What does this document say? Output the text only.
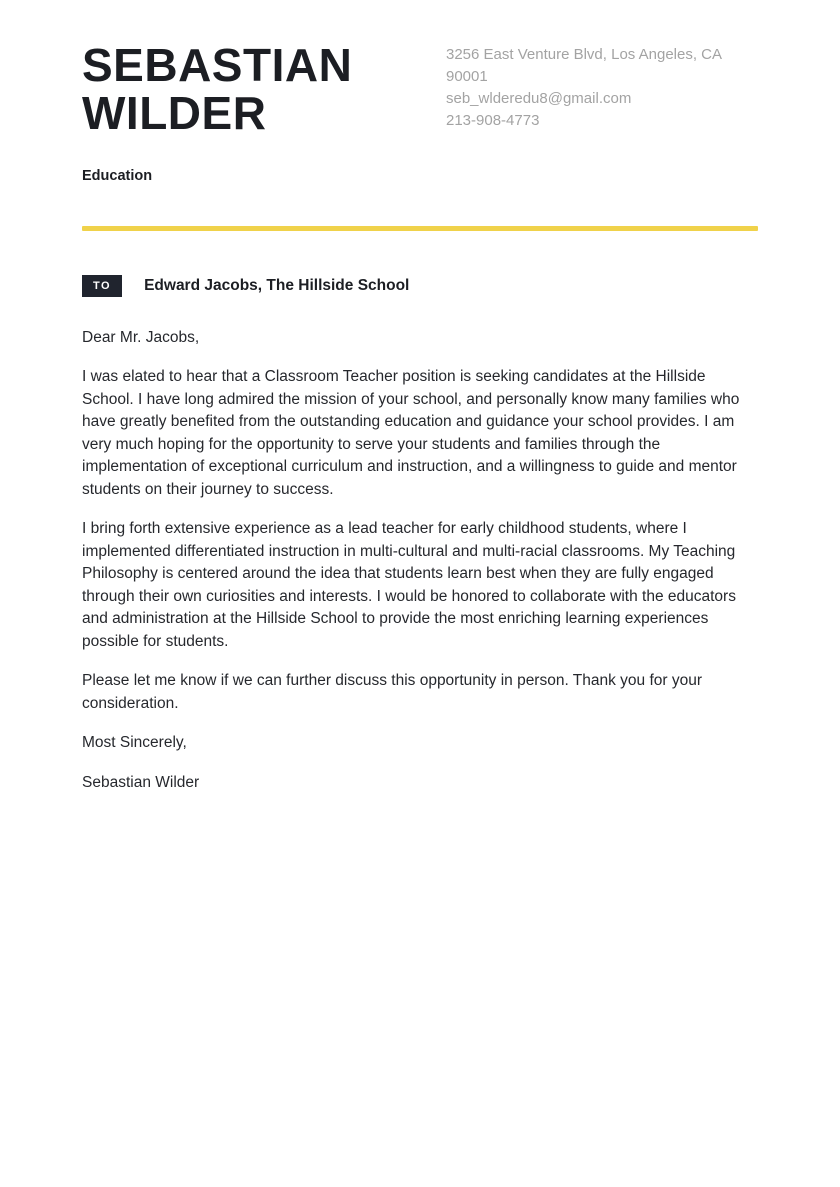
SEBASTIAN
WILDER
3256 East Venture Blvd, Los Angeles, CA 90001
seb_wlderedu8@gmail.com
213-908-4773
Education
TO	Edward Jacobs, The Hillside School

Dear Mr. Jacobs,

I was elated to hear that a Classroom Teacher position is seeking candidates at the Hillside School. I have long admired the mission of your school, and personally know many families who have greatly benefited from the outstanding education and guidance your school provides. I am very much hoping for the opportunity to serve your students and families through the implementation of exceptional curriculum and instruction, and a willingness to guide and mentor students on their journey to success.

I bring forth extensive experience as a lead teacher for early childhood students, where I implemented differentiated instruction in multi-cultural and multi-racial classrooms. My Teaching Philosophy is centered around the idea that students learn best when they are fully engaged through their own curiosities and interests. I would be honored to collaborate with the educators and administration at the Hillside School to provide the most enriching learning experiences possible for students.

Please let me know if we can further discuss this opportunity in person. Thank you for your consideration.

Most Sincerely,

Sebastian Wilder
